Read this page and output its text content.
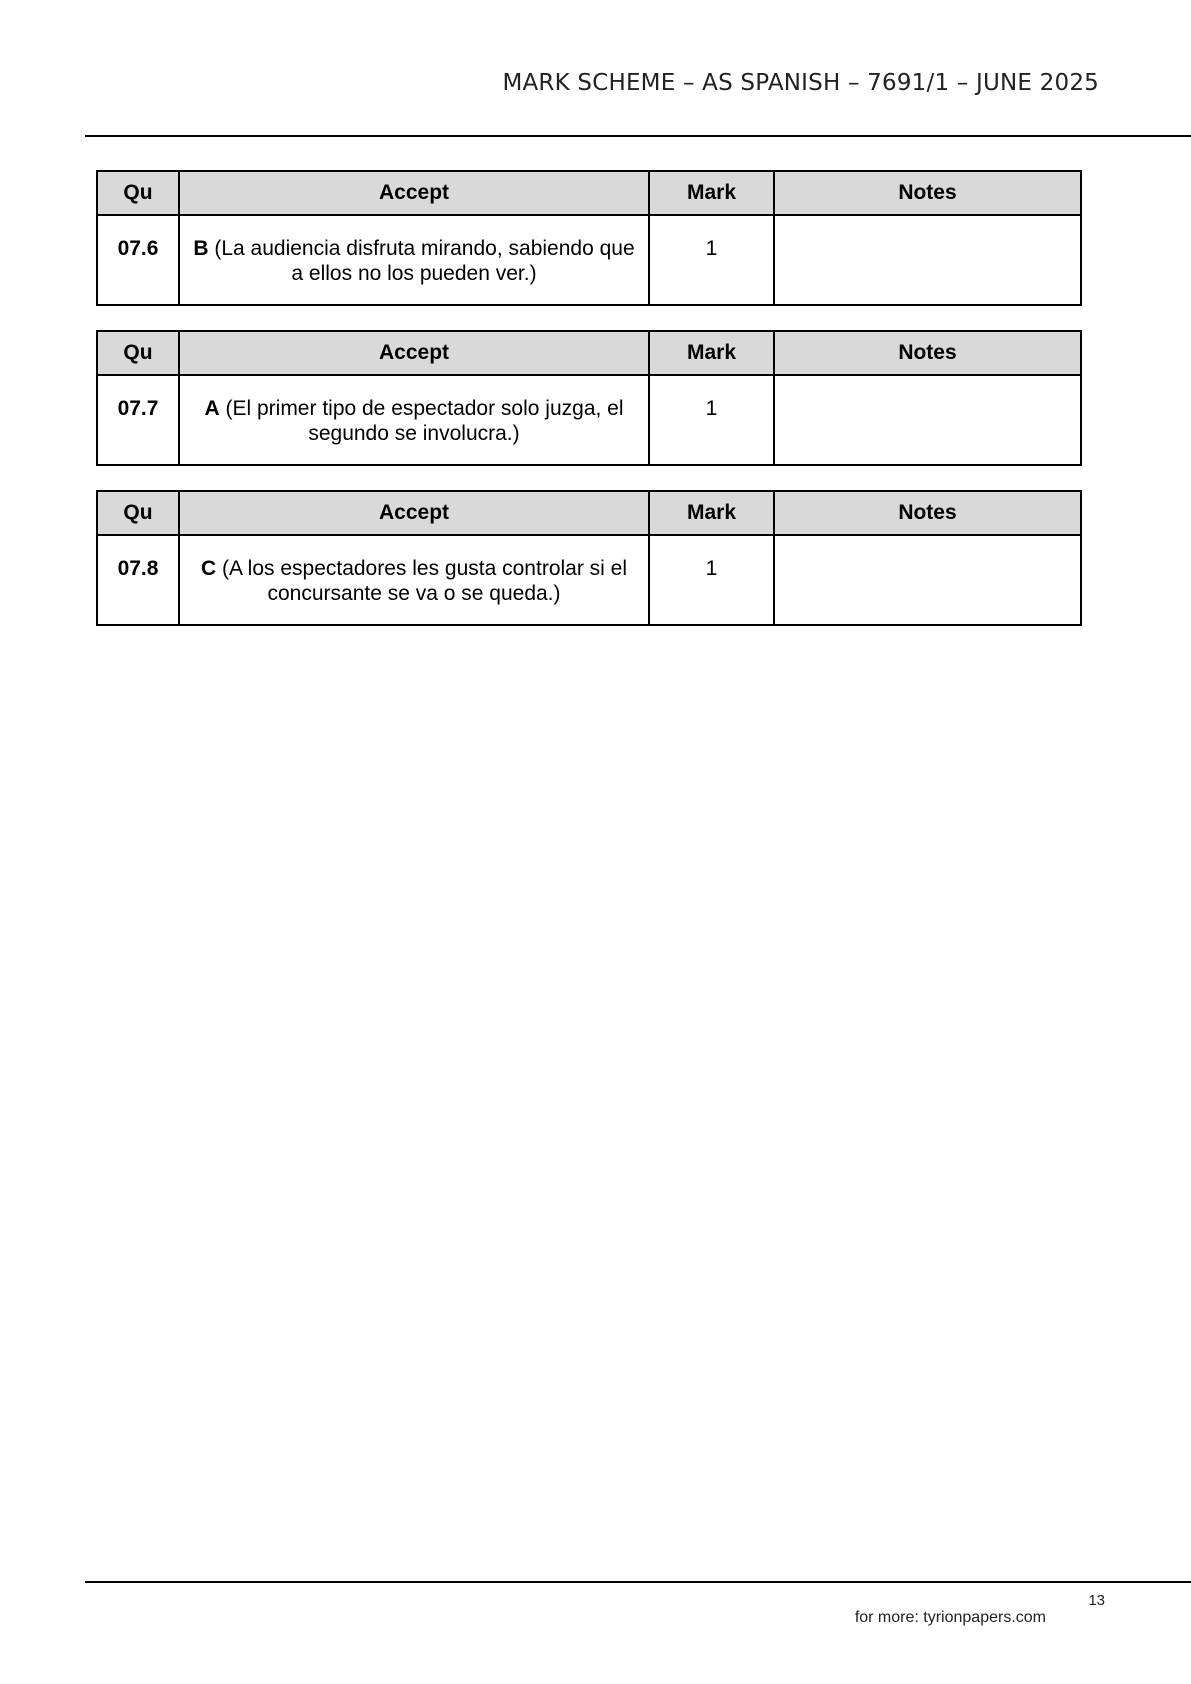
MARK SCHEME – AS SPANISH – 7691/1 – JUNE 2025
Qu	Accept	Mark	Notes
07.6	B (La audiencia disfruta mirando, sabiendo que a ellos no los pueden ver.)	1	
Qu	Accept	Mark	Notes
07.7	A (El primer tipo de espectador solo juzga, el segundo se involucra.)	1	
Qu	Accept	Mark	Notes
07.8	C (A los espectadores les gusta controlar si el concursante se va o se queda.)	1	
13
for more: tyrionpapers.com
